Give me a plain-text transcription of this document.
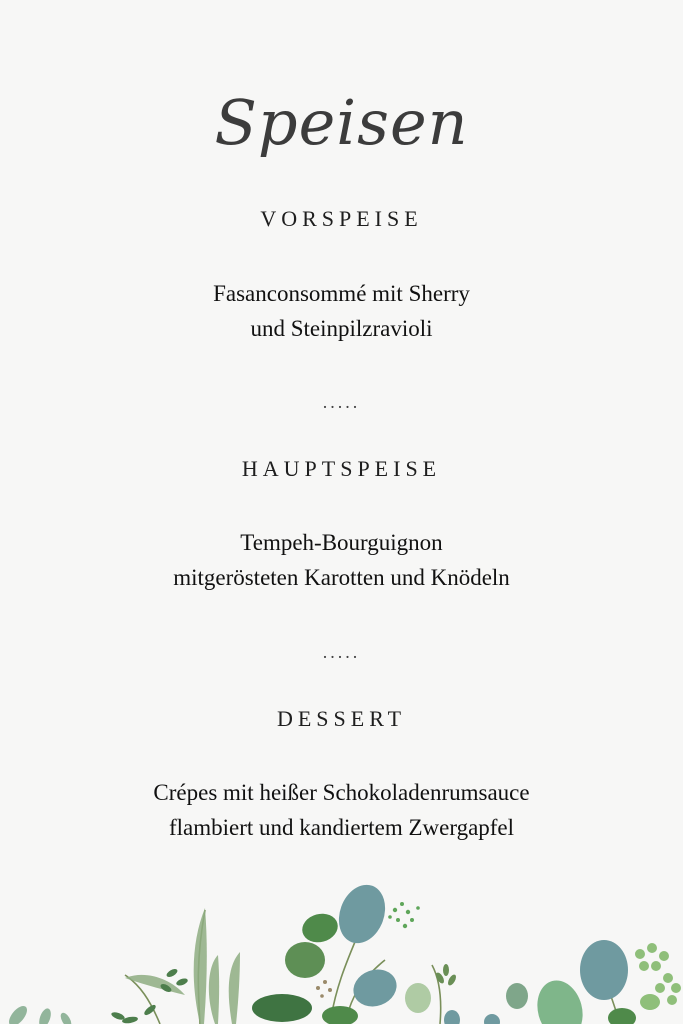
Speisen
VORSPEISE
Fasanconsommé mit Sherry
und Steinpilzravioli
.....
HAUPTSPEISE
Tempeh-Bourguignon
mitgerösteten Karotten und Knödeln
.....
DESSERT
Crépes mit heißer Schokoladenrumsauce
flambiert und kandiertem Zwergapfel
